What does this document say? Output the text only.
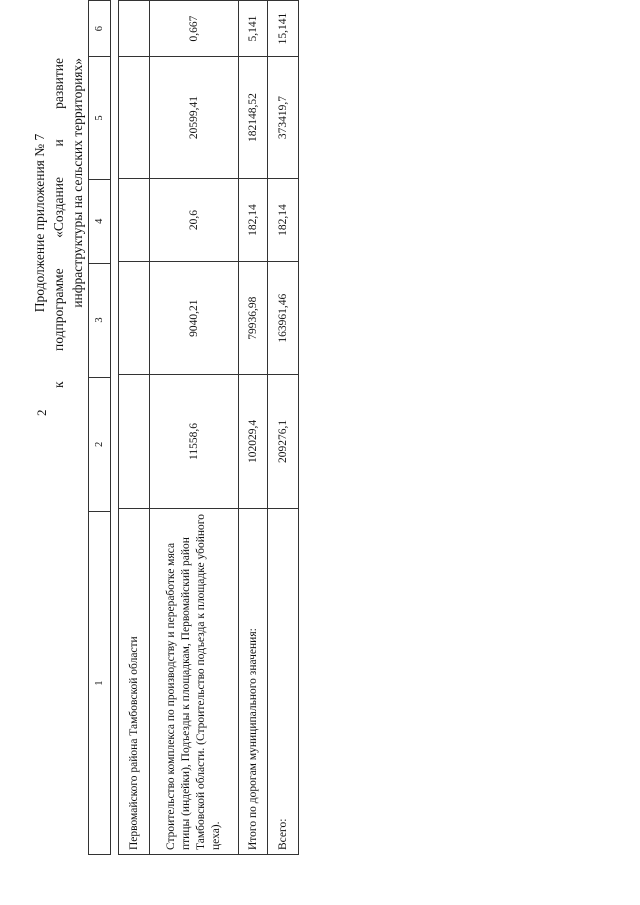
2
Продолжение приложения № 7
к
подпрограмме
«Создание
и
развитие инфраструктуры на сельских территориях»
1	2	3	4	5	6
Первомайского района Тамбовской области					
Строительство комплекса по производству и переработке мяса птицы (индейки), Подъезды к площадкам, Первомайский район Тамбовской области. (Строительство подъезда к площадке убойного цеха).	11558,6	9040,21	20,6	20599,41	0,667
Итого по дорогам муниципального значения:	102029,4	79936,98	182,14	182148,52	5,141
Всего:	209276,1	163961,46	182,14	373419,7	15,141
